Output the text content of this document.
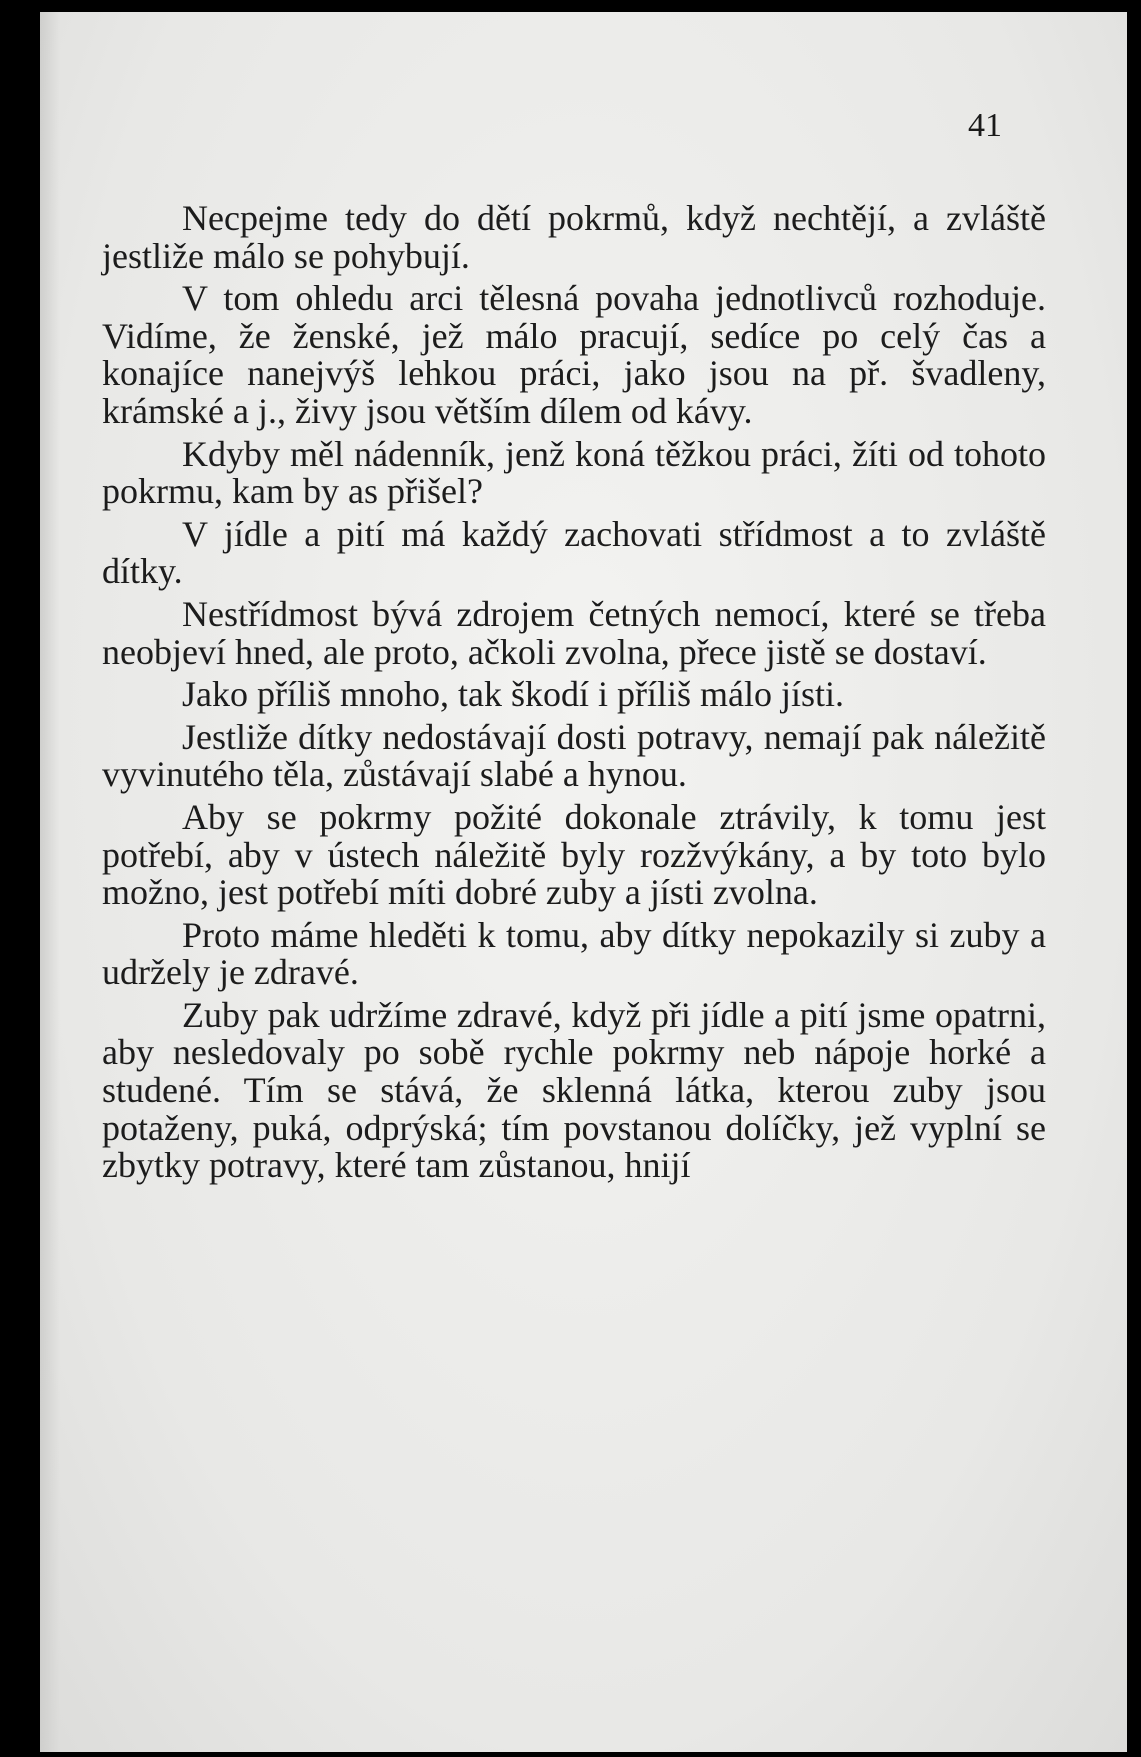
41

Necpejme tedy do dětí pokrmů, když nechtějí, a zvláště jestliže málo se pohybují.

V tom ohledu arci tělesná povaha jednotlivců rozhoduje. Vidíme, že ženské, jež málo pracují, sedíce po celý čas a konajíce nanejvýš lehkou práci, jako jsou na př. švadleny, krámské a j., živy jsou větším dílem od kávy.

Kdyby měl nádenník, jenž koná těžkou práci, žíti od tohoto pokrmu, kam by as přišel?

V jídle a pití má každý zachovati střídmost a to zvláště dítky.

Nestřídmost bývá zdrojem četných nemocí, které se třeba neobjeví hned, ale proto, ačkoli zvolna, přece jistě se dostaví.

Jako příliš mnoho, tak škodí i příliš málo jísti.

Jestliže dítky nedostávají dosti potravy, nemají pak náležitě vyvinutého těla, zůstávají slabé a hynou.

Aby se pokrmy požité dokonale ztrávily, k tomu jest potřebí, aby v ústech náležitě byly rozžvýkány, a by toto bylo možno, jest potřebí míti dobré zuby a jísti zvolna.

Proto máme hleděti k tomu, aby dítky nepokazily si zuby a udržely je zdravé.

Zuby pak udržíme zdravé, když při jídle a pití jsme opatrni, aby nesledovaly po sobě rychle pokrmy neb nápoje horké a studené. Tím se stává, že sklenná látka, kterou zuby jsou potaženy, puká, odprýská; tím povstanou dolíčky, jež vyplní se zbytky potravy, které tam zůstanou, hnijí
